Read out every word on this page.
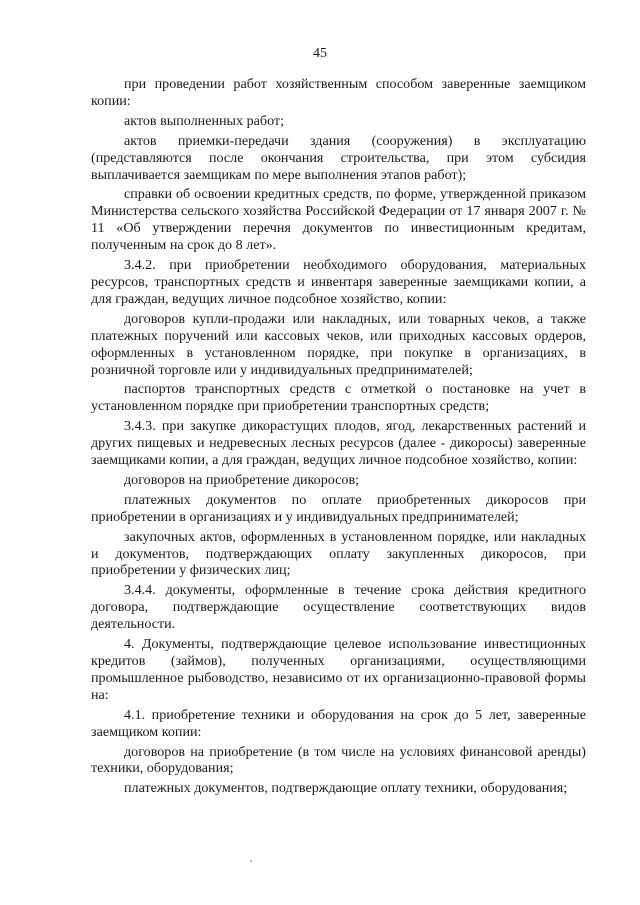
45

при проведении работ хозяйственным способом заверенные заемщиком копии:

актов выполненных работ;

актов приемки-передачи здания (сооружения) в эксплуатацию (представляются после окончания строительства, при этом субсидия выплачивается заемщикам по мере выполнения этапов работ);

справки об освоении кредитных средств, по форме, утвержденной приказом Министерства сельского хозяйства Российской Федерации от 17 января 2007 г. № 11 «Об утверждении перечня документов по инвестиционным кредитам, полученным на срок до 8 лет».

3.4.2. при приобретении необходимого оборудования, материальных ресурсов, транспортных средств и инвентаря заверенные заемщиками копии, а для граждан, ведущих личное подсобное хозяйство, копии:

договоров купли-продажи или накладных, или товарных чеков, а также платежных поручений или кассовых чеков, или приходных кассовых ордеров, оформленных в установленном порядке, при покупке в организациях, в розничной торговле или у индивидуальных предпринимателей;

паспортов транспортных средств с отметкой о постановке на учет в установленном порядке при приобретении транспортных средств;

3.4.3. при закупке дикорастущих плодов, ягод, лекарственных растений и других пищевых и недревесных лесных ресурсов (далее - дикоросы) заверенные заемщиками копии, а для граждан, ведущих личное подсобное хозяйство, копии:

договоров на приобретение дикоросов;

платежных документов по оплате приобретенных дикоросов при приобретении в организациях и у индивидуальных предпринимателей;

закупочных актов, оформленных в установленном порядке, или накладных и документов, подтверждающих оплату закупленных дикоросов, при приобретении у физических лиц;

3.4.4. документы, оформленные в течение срока действия кредитного договора, подтверждающие осуществление соответствующих видов деятельности.

4. Документы, подтверждающие целевое использование инвестиционных кредитов (займов), полученных организациями, осуществляющими промышленное рыбоводство, независимо от их организационно-правовой формы на:

4.1. приобретение техники и оборудования на срок до 5 лет, заверенные заемщиком копии:

договоров на приобретение (в том числе на условиях финансовой аренды) техники, оборудования;

платежных документов, подтверждающие оплату техники, оборудования;
